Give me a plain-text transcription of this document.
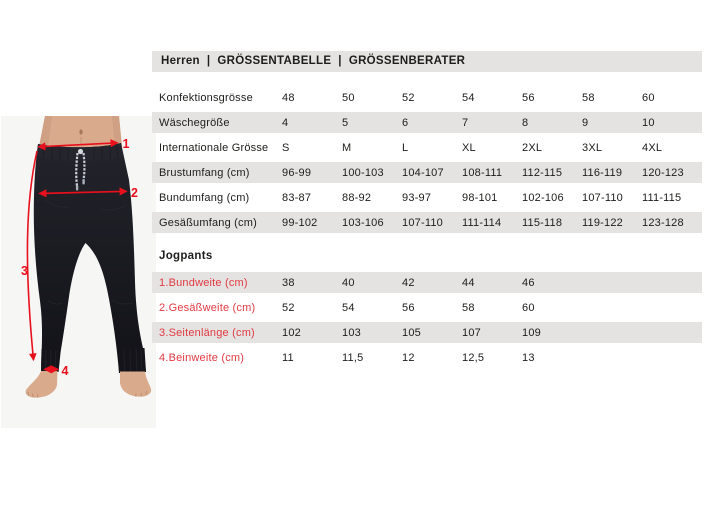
1
2
3
4
Herren | GRÖSSENTABELLE | GRÖSSENBERATER
Konfektionsgrösse	48	50	52	54	56	58	60
Wäschegröße	4	5	6	7	8	9	10
Internationale Grösse	S	M	L	XL	2XL	3XL	4XL
Brustumfang (cm)	96-99	100-103	104-107	108-111	112-115	116-119	120-123
Bundumfang (cm)	83-87	88-92	93-97	98-101	102-106	107-110	111-115
Gesäßumfang (cm)	99-102	103-106	107-110	111-114	115-118	119-122	123-128
Jogpants
1.Bundweite (cm)	38	40	42	44	46
2.Gesäßweite (cm)	52	54	56	58	60
3.Seitenlänge (cm)	102	103	105	107	109
4.Beinweite (cm)	11	11,5	12	12,5	13
